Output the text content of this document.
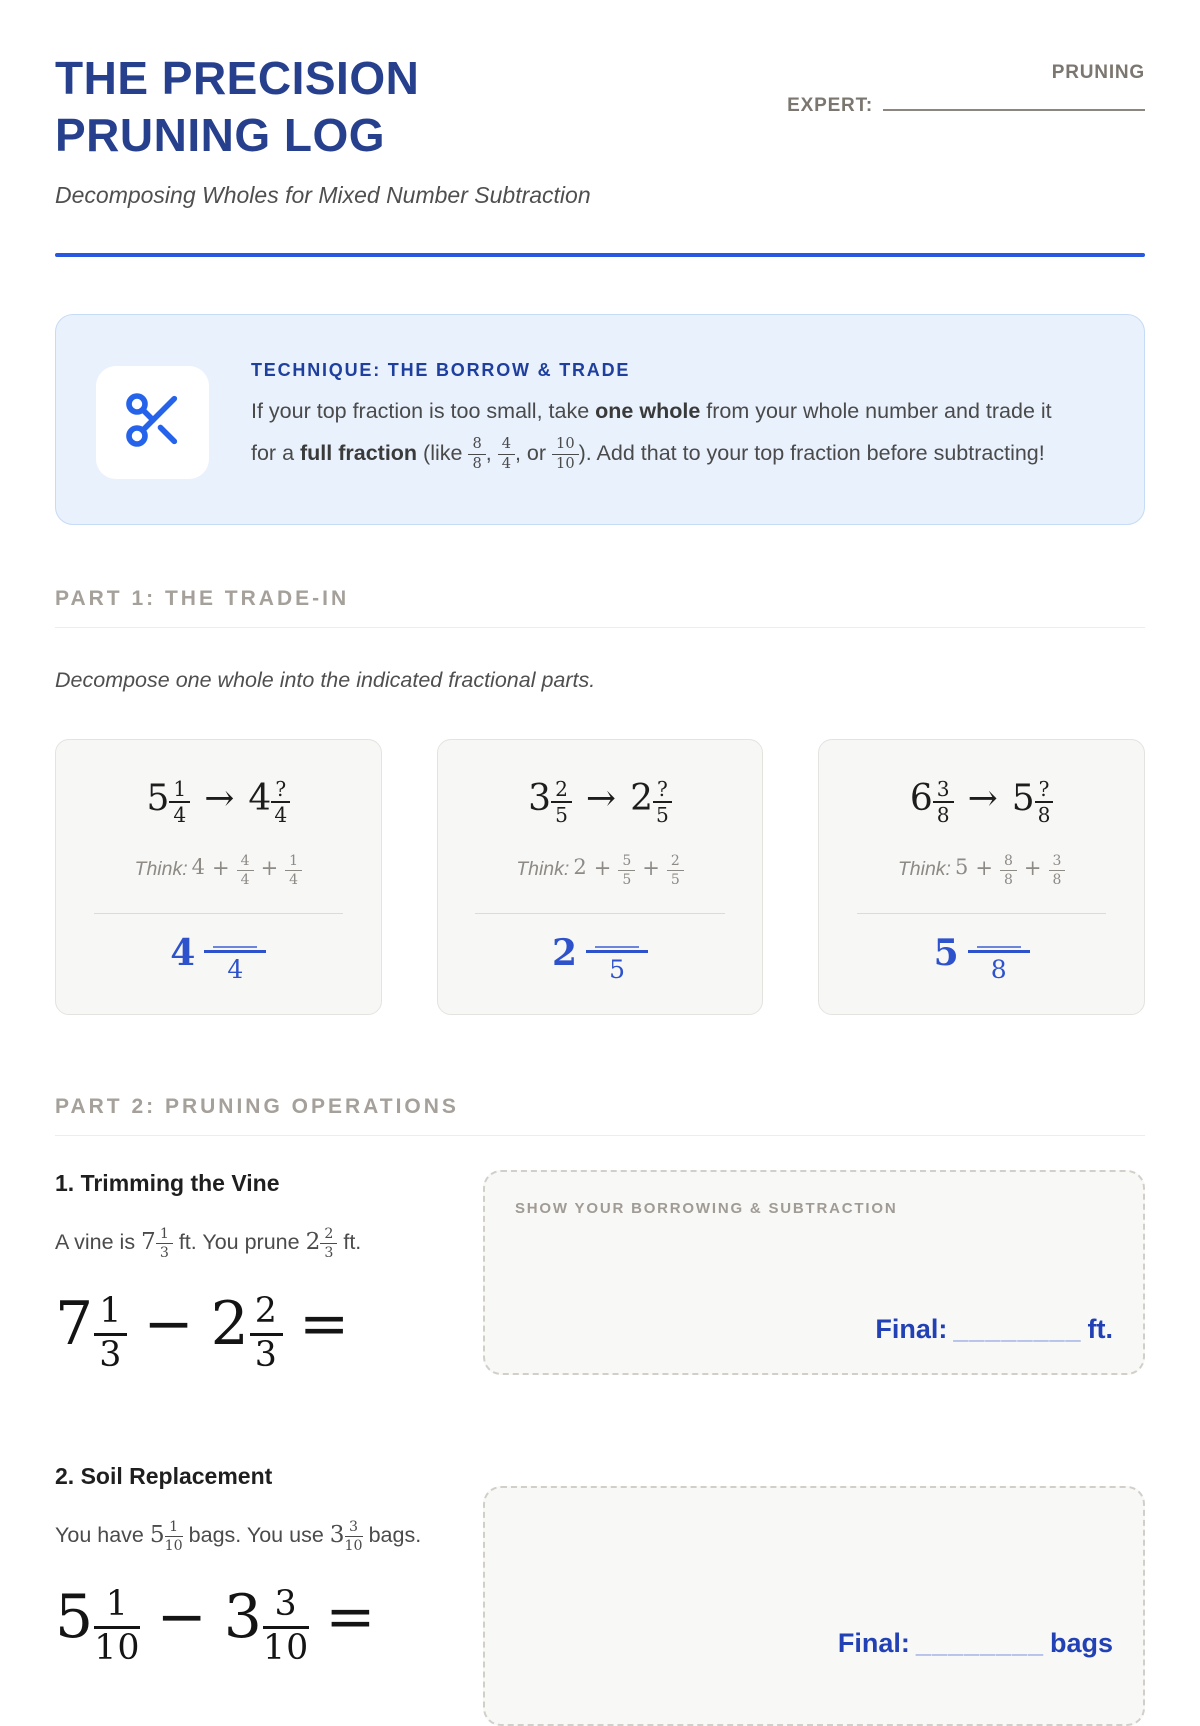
THE PRECISION
PRUNING LOG
Decomposing Wholes for Mixed Number Subtraction
PRUNING
EXPERT:
TECHNIQUE: THE BORROW & TRADE
If your top fraction is too small, take one whole from your whole number and trade it for a full fraction (like $\frac{8}{8}$ , $\frac{4}{4}$ , or $\frac{10}{10}$ ). Add that to your top fraction before subtracting!
PART 1: THE TRADE-IN
Decompose one whole into the indicated fractional parts.
$5 \frac{1}{4} \to 4 \frac{?}{4}$
Think: $4 + \frac{4}{4} + \frac{1}{4}$
4	4
$3 \frac{2}{5} \to 2 \frac{?}{5}$
Think: $2 + \frac{5}{5} + \frac{2}{5}$
2	5
$6 \frac{3}{8} \to 5 \frac{?}{8}$
Think: $5 + \frac{8}{8} + \frac{3}{8}$
5	8
PART 2: PRUNING OPERATIONS
1. Trimming the Vine
A vine is $7 \frac{1}{3}$ ft. You prune $2 \frac{2}{3}$ ft.
$7 \frac{1}{3} - 2 \frac{2}{3}$ =
SHOW YOUR BORROWING & SUBTRACTION
Final: ________ ft.
2. Soil Replacement
You have $5 \frac{1}{10}$ bags. You use $3 \frac{3}{10}$ bags.
$5 \frac{1}{10} - 3 \frac{3}{10}$ =	Final: ________ bags
